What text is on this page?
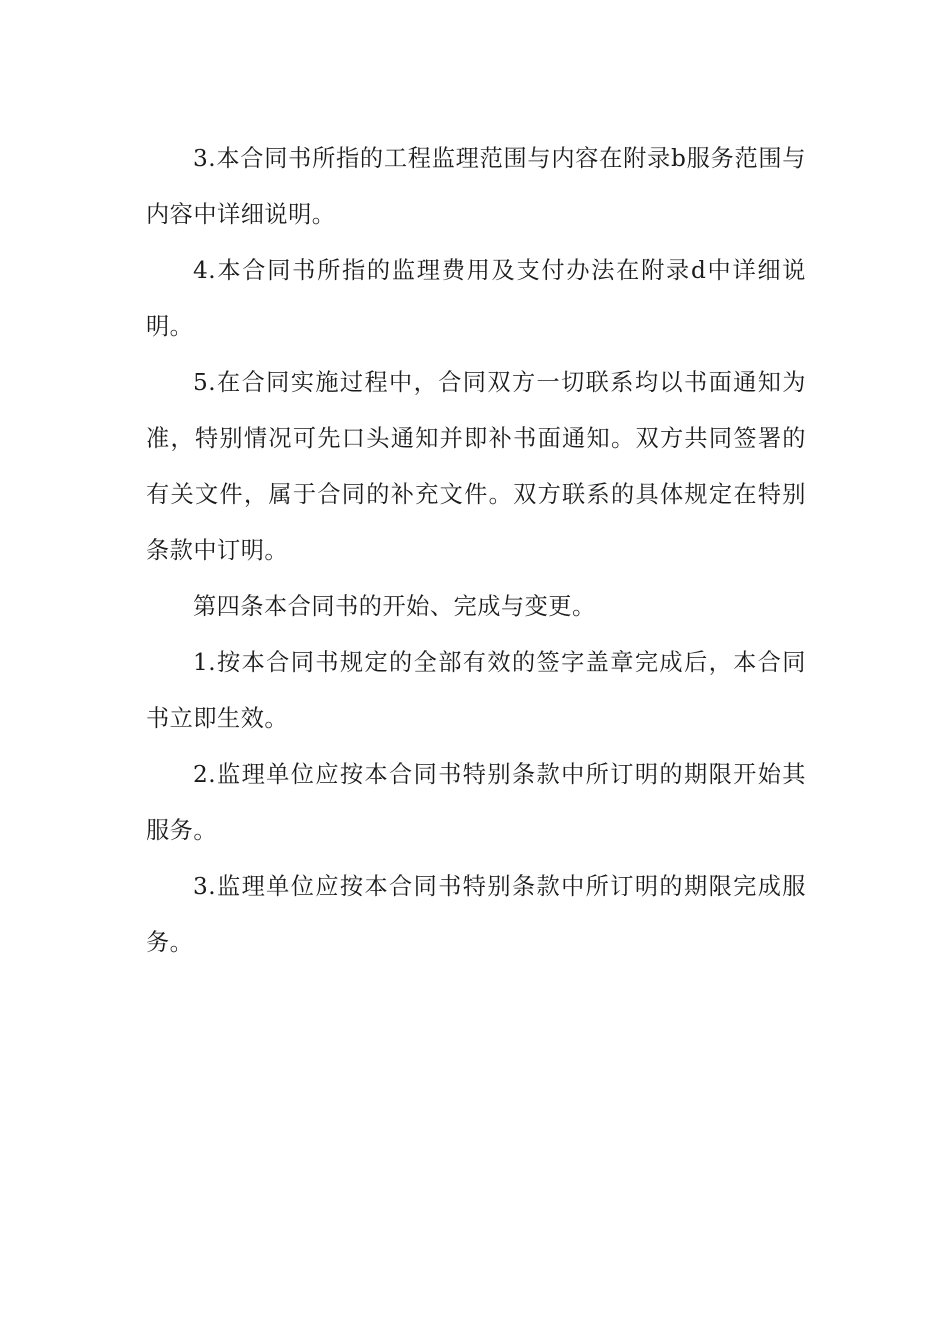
3.本合同书所指的工程监理范围与内容在附录b服务范围与内容中详细说明。

4.本合同书所指的监理费用及支付办法在附录d中详细说明。

5.在合同实施过程中，合同双方一切联系均以书面通知为准，特别情况可先口头通知并即补书面通知。双方共同签署的有关文件，属于合同的补充文件。双方联系的具体规定在特别条款中订明。

第四条本合同书的开始、完成与变更。

1.按本合同书规定的全部有效的签字盖章完成后，本合同书立即生效。

2.监理单位应按本合同书特别条款中所订明的期限开始其服务。

3.监理单位应按本合同书特别条款中所订明的期限完成服务。
